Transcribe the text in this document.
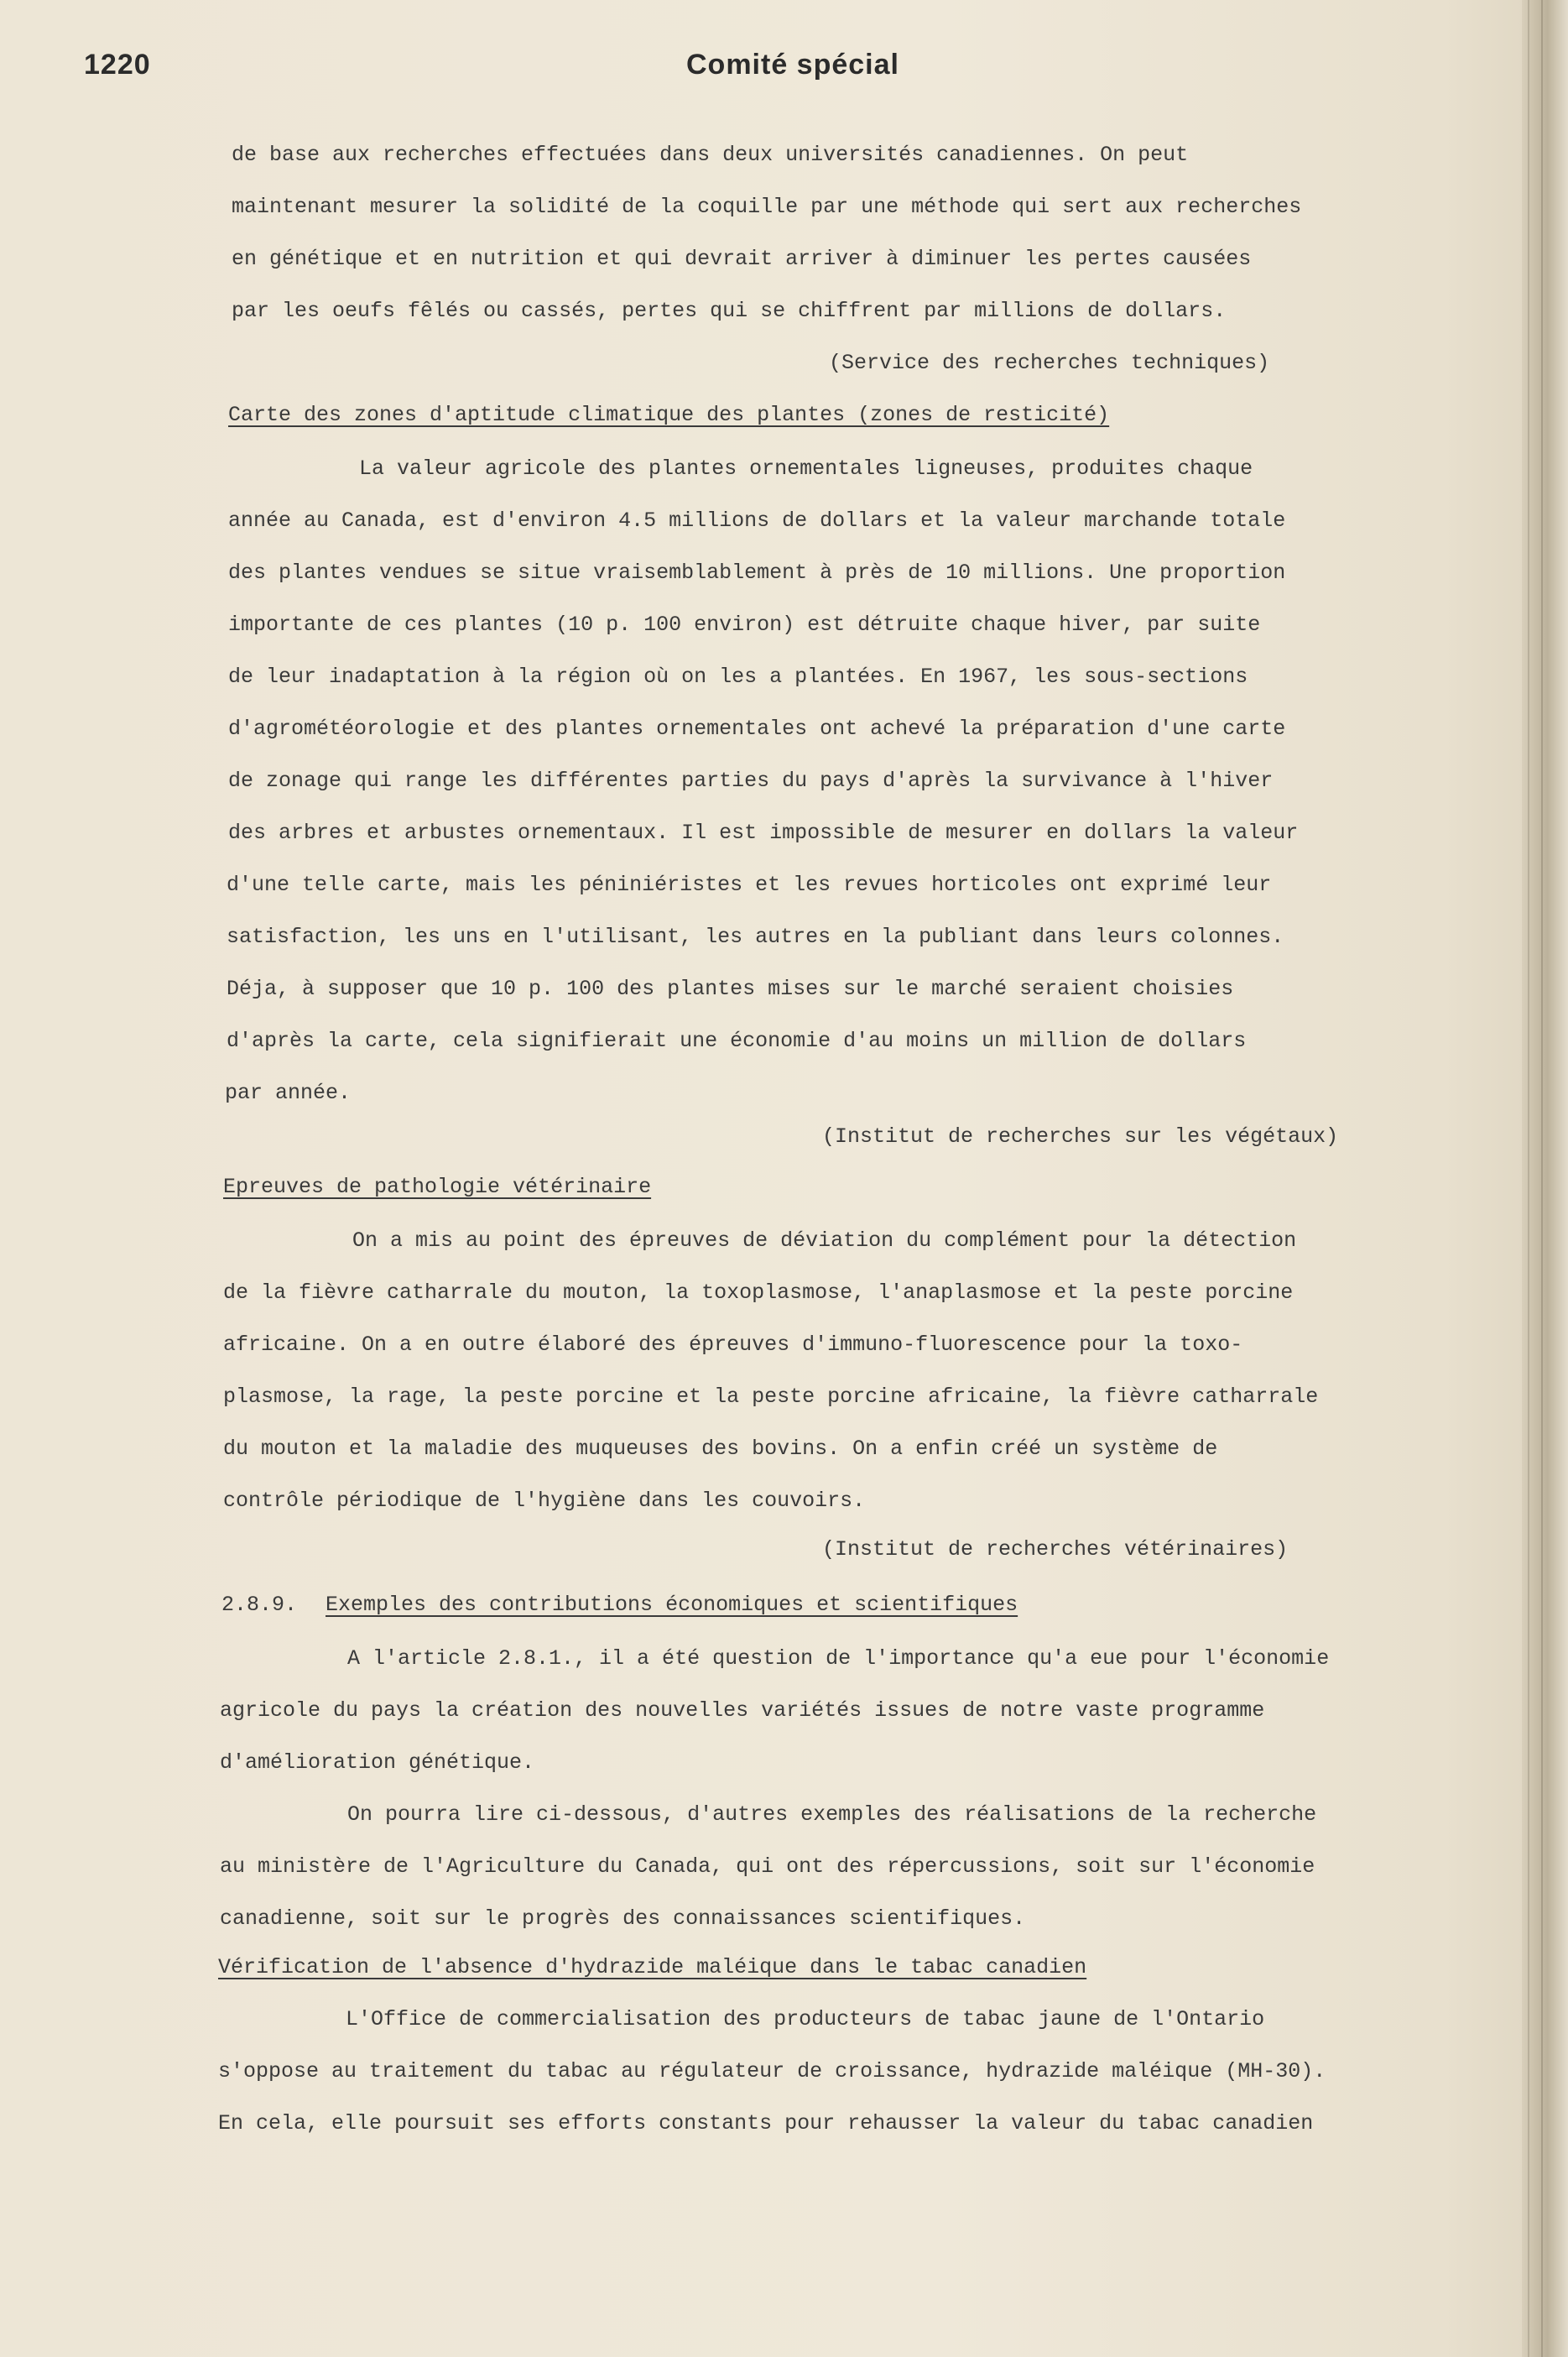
1220	Comité spécial
de base aux recherches effectuées dans deux universités canadiennes. On peut
maintenant mesurer la solidité de la coquille par une méthode qui sert aux recherches
en génétique et en nutrition et qui devrait arriver à diminuer les pertes causées
par les oeufs fêlés ou cassés, pertes qui se chiffrent par millions de dollars.
(Service des recherches techniques)
Carte des zones d'aptitude climatique des plantes (zones de resticité)
La valeur agricole des plantes ornementales ligneuses, produites chaque
année au Canada, est d'environ 4.5 millions de dollars et la valeur marchande totale
des plantes vendues se situe vraisemblablement à près de 10 millions. Une proportion
importante de ces plantes (10 p. 100 environ) est détruite chaque hiver, par suite
de leur inadaptation à la région où on les a plantées. En 1967, les sous-sections
d'agrométéorologie et des plantes ornementales ont achevé la préparation d'une carte
de zonage qui range les différentes parties du pays d'après la survivance à l'hiver
des arbres et arbustes ornementaux. Il est impossible de mesurer en dollars la valeur
d'une telle carte, mais les péniniéristes et les revues horticoles ont exprimé leur
satisfaction, les uns en l'utilisant, les autres en la publiant dans leurs colonnes.
Déja, à supposer que 10 p. 100 des plantes mises sur le marché seraient choisies
d'après la carte, cela signifierait une économie d'au moins un million de dollars
par année.
(Institut de recherches sur les végétaux)
Epreuves de pathologie vétérinaire
On a mis au point des épreuves de déviation du complément pour la détection
de la fièvre catharrale du mouton, la toxoplasmose, l'anaplasmose et la peste porcine
africaine. On a en outre élaboré des épreuves d'immuno-fluorescence pour la toxo-
plasmose, la rage, la peste porcine et la peste porcine africaine, la fièvre catharrale
du mouton et la maladie des muqueuses des bovins. On a enfin créé un système de
contrôle périodique de l'hygiène dans les couvoirs.
(Institut de recherches vétérinaires)
2.8.9. Exemples des contributions économiques et scientifiques
A l'article 2.8.1., il a été question de l'importance qu'a eue pour l'économie
agricole du pays la création des nouvelles variétés issues de notre vaste programme
d'amélioration génétique.
On pourra lire ci-dessous, d'autres exemples des réalisations de la recherche
au ministère de l'Agriculture du Canada, qui ont des répercussions, soit sur l'économie
canadienne, soit sur le progrès des connaissances scientifiques.
Vérification de l'absence d'hydrazide maléique dans le tabac canadien
L'Office de commercialisation des producteurs de tabac jaune de l'Ontario
s'oppose au traitement du tabac au régulateur de croissance, hydrazide maléique (MH-30).
En cela, elle poursuit ses efforts constants pour rehausser la valeur du tabac canadien
